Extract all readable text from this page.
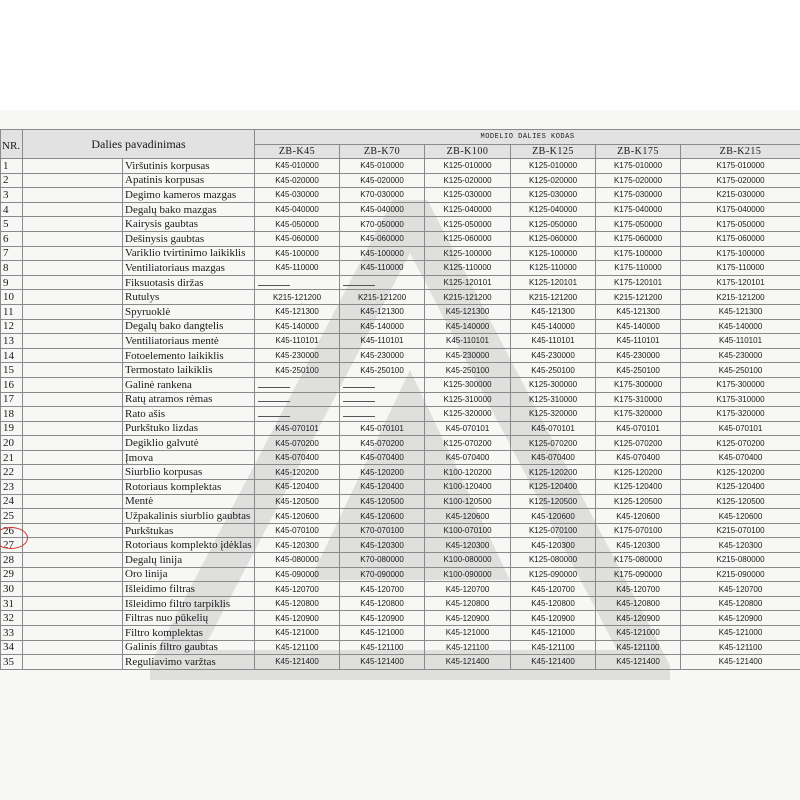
NR.	Dalies pavadinimas		MODELIO DALIES KODAS					
			ZB-K45	ZB-K70	ZB-K100	ZB-K125	ZB-K175	ZB-K215
1		Viršutinis korpusas	K45-010000	K45-010000	K125-010000	K125-010000	K175-010000	K175-010000
2		Apatinis korpusas	K45-020000	K45-020000	K125-020000	K125-020000	K175-020000	K175-020000
3		Degimo kameros mazgas	K45-030000	K70-030000	K125-030000	K125-030000	K175-030000	K215-030000
4		Degalų bako mazgas	K45-040000	K45-040000	K125-040000	K125-040000	K175-040000	K175-040000
5		Kairysis gaubtas	K45-050000	K70-050000	K125-050000	K125-050000	K175-050000	K175-050000
6		Dešinysis gaubtas	K45-060000	K45-060000	K125-060000	K125-060000	K175-060000	K175-060000
7		Variklio tvirtinimo laikiklis	K45-100000	K45-100000	K125-100000	K125-100000	K175-100000	K175-100000
8		Ventiliatoriaus mazgas	K45-110000	K45-110000	K125-110000	K125-110000	K175-110000	K175-110000
9		Fiksuotasis diržas			K125-120101	K125-120101	K175-120101	K175-120101
10		Rutulys	K215-121200	K215-121200	K215-121200	K215-121200	K215-121200	K215-121200
11		Spyruoklė	K45-121300	K45-121300	K45-121300	K45-121300	K45-121300	K45-121300
12		Degalų bako dangtelis	K45-140000	K45-140000	K45-140000	K45-140000	K45-140000	K45-140000
13		Ventiliatoriaus mentė	K45-110101	K45-110101	K45-110101	K45-110101	K45-110101	K45-110101
14		Fotoelemento laikiklis	K45-230000	K45-230000	K45-230000	K45-230000	K45-230000	K45-230000
15		Termostato laikiklis	K45-250100	K45-250100	K45-250100	K45-250100	K45-250100	K45-250100
16		Galinė rankena			K125-300000	K125-300000	K175-300000	K175-300000
17		Ratų atramos rėmas			K125-310000	K125-310000	K175-310000	K175-310000
18		Rato ašis			K125-320000	K125-320000	K175-320000	K175-320000
19		Purkštuko lizdas	K45-070101	K45-070101	K45-070101	K45-070101	K45-070101	K45-070101
20		Degiklio galvutė	K45-070200	K45-070200	K125-070200	K125-070200	K125-070200	K125-070200
21		Įmova	K45-070400	K45-070400	K45-070400	K45-070400	K45-070400	K45-070400
22		Siurblio korpusas	K45-120200	K45-120200	K100-120200	K125-120200	K125-120200	K125-120200
23		Rotoriaus komplektas	K45-120400	K45-120400	K100-120400	K125-120400	K125-120400	K125-120400
24		Mentė	K45-120500	K45-120500	K100-120500	K125-120500	K125-120500	K125-120500
25		Užpakalinis siurblio gaubtas	K45-120600	K45-120600	K45-120600	K45-120600	K45-120600	K45-120600
26		Purkštukas	K45-070100	K70-070100	K100-070100	K125-070100	K175-070100	K215-070100
27		Rotoriaus komplekto įdėklas	K45-120300	K45-120300	K45-120300	K45-120300	K45-120300	K45-120300
28		Degalų linija	K45-080000	K70-080000	K100-080000	K125-080000	K175-080000	K215-080000
29		Oro linija	K45-090000	K70-090000	K100-090000	K125-090000	K175-090000	K215-090000
30		Išleidimo filtras	K45-120700	K45-120700	K45-120700	K45-120700	K45-120700	K45-120700
31		Išleidimo filtro tarpiklis	K45-120800	K45-120800	K45-120800	K45-120800	K45-120800	K45-120800
32		Filtras nuo pūkelių	K45-120900	K45-120900	K45-120900	K45-120900	K45-120900	K45-120900
33		Filtro komplektas	K45-121000	K45-121000	K45-121000	K45-121000	K45-121000	K45-121000
34		Galinis filtro gaubtas	K45-121100	K45-121100	K45-121100	K45-121100	K45-121100	K45-121100
35		Reguliavimo varžtas	K45-121400	K45-121400	K45-121400	K45-121400	K45-121400	K45-121400
